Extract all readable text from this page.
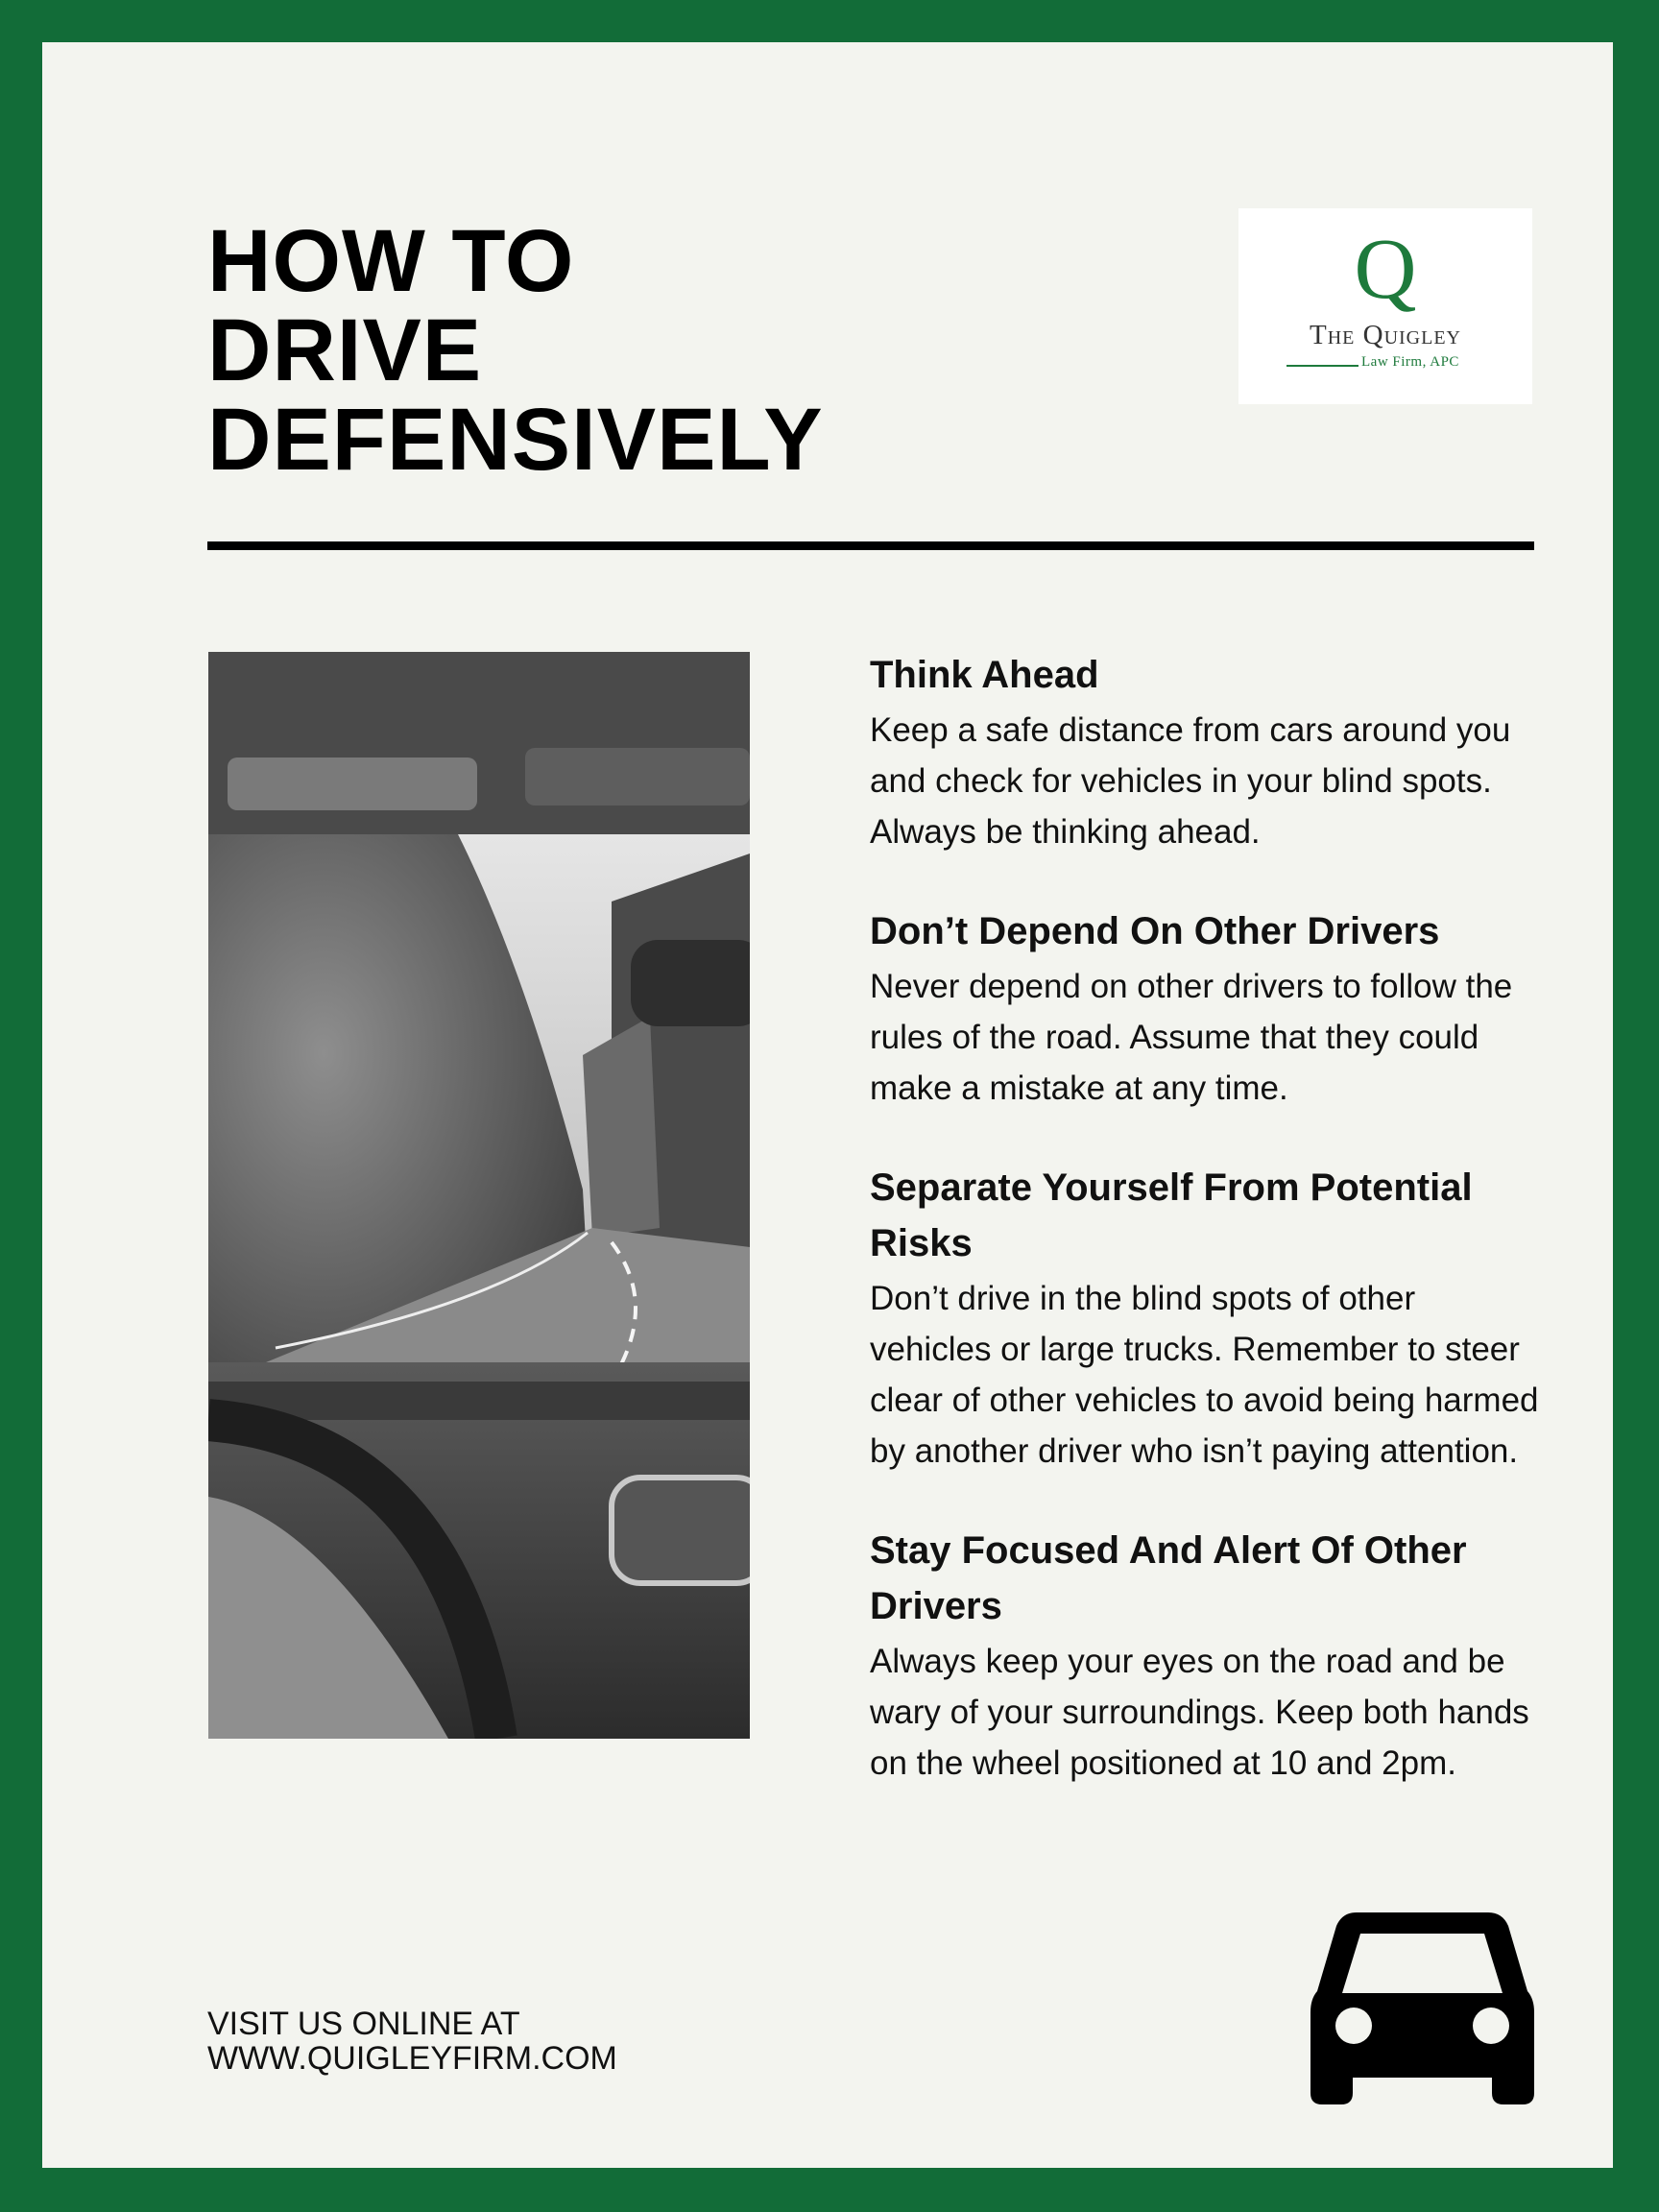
HOW TO
DRIVE
DEFENSIVELY
Q
The Quigley
Law Firm, APC
Think Ahead

Keep a safe distance from cars around you and check for vehicles in your blind spots. Always be thinking ahead.

Don’t Depend On Other Drivers

Never depend on other drivers to follow the rules of the road. Assume that they could make a mistake at any time.

Separate Yourself From Potential Risks

Don’t drive in the blind spots of other vehicles or large trucks. Remember to steer clear of other vehicles to avoid being harmed by another driver who isn’t paying attention.

Stay Focused And Alert Of Other Drivers

Always keep your eyes on the road and be wary of your surroundings. Keep both hands on the wheel positioned at 10 and 2pm.

VISIT US ONLINE AT
WWW.QUIGLEYFIRM.COM
